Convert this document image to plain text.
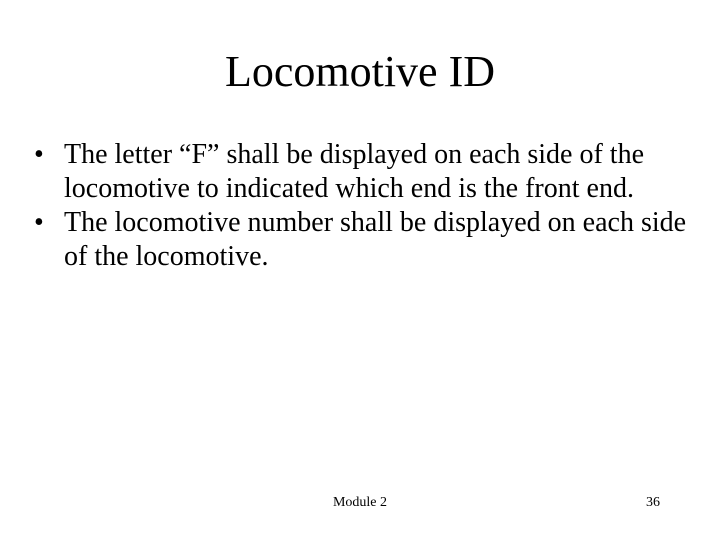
Locomotive ID
• The letter “F” shall be displayed on each side of the locomotive to indicated which end is the front end.
• The locomotive number shall be displayed on each side of the locomotive.
Module 2	36
